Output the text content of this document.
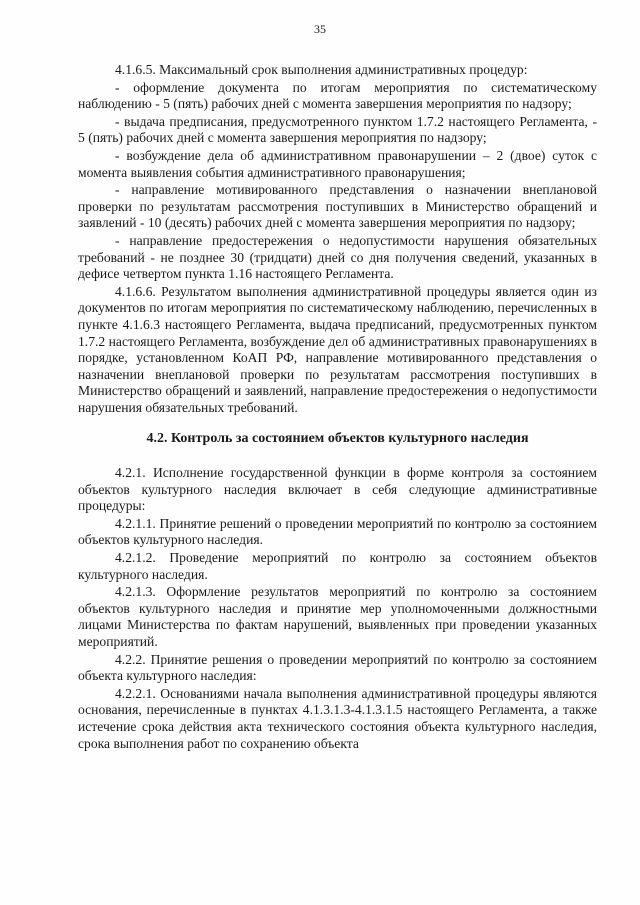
35

4.1.6.5. Максимальный срок выполнения административных процедур:

- оформление документа по итогам мероприятия по систематическому наблюдению - 5 (пять) рабочих дней с момента завершения мероприятия по надзору;

- выдача предписания, предусмотренного пунктом 1.7.2 настоящего Регламента, - 5 (пять) рабочих дней с момента завершения мероприятия по надзору;

- возбуждение дела об административном правонарушении – 2 (двое) суток с момента выявления события административного правонарушения;

- направление мотивированного представления о назначении внеплановой проверки по результатам рассмотрения поступивших в Министерство обращений и заявлений - 10 (десять) рабочих дней с момента завершения мероприятия по надзору;

- направление предостережения о недопустимости нарушения обязательных требований - не позднее 30 (тридцати) дней со дня получения сведений, указанных в дефисе четвертом пункта 1.16 настоящего Регламента.

4.1.6.6. Результатом выполнения административной процедуры является один из документов по итогам мероприятия по систематическому наблюдению, перечисленных в пункте 4.1.6.3 настоящего Регламента, выдача предписаний, предусмотренных пунктом 1.7.2 настоящего Регламента, возбуждение дел об административных правонарушениях в порядке, установленном КоАП РФ, направление мотивированного представления о назначении внеплановой проверки по результатам рассмотрения поступивших в Министерство обращений и заявлений, направление предостережения о недопустимости нарушения обязательных требований.

4.2. Контроль за состоянием объектов культурного наследия

4.2.1. Исполнение государственной функции в форме контроля за состоянием объектов культурного наследия включает в себя следующие административные процедуры:

4.2.1.1. Принятие решений о проведении мероприятий по контролю за состоянием объектов культурного наследия.

4.2.1.2. Проведение мероприятий по контролю за состоянием объектов культурного наследия.

4.2.1.3. Оформление результатов мероприятий по контролю за состоянием объектов культурного наследия и принятие мер уполномоченными должностными лицами Министерства по фактам нарушений, выявленных при проведении указанных мероприятий.

4.2.2. Принятие решения о проведении мероприятий по контролю за состоянием объекта культурного наследия:

4.2.2.1. Основаниями начала выполнения административной процедуры являются основания, перечисленные в пунктах 4.1.3.1.3-4.1.3.1.5 настоящего Регламента, а также истечение срока действия акта технического состояния объекта культурного наследия, срока выполнения работ по сохранению объекта
